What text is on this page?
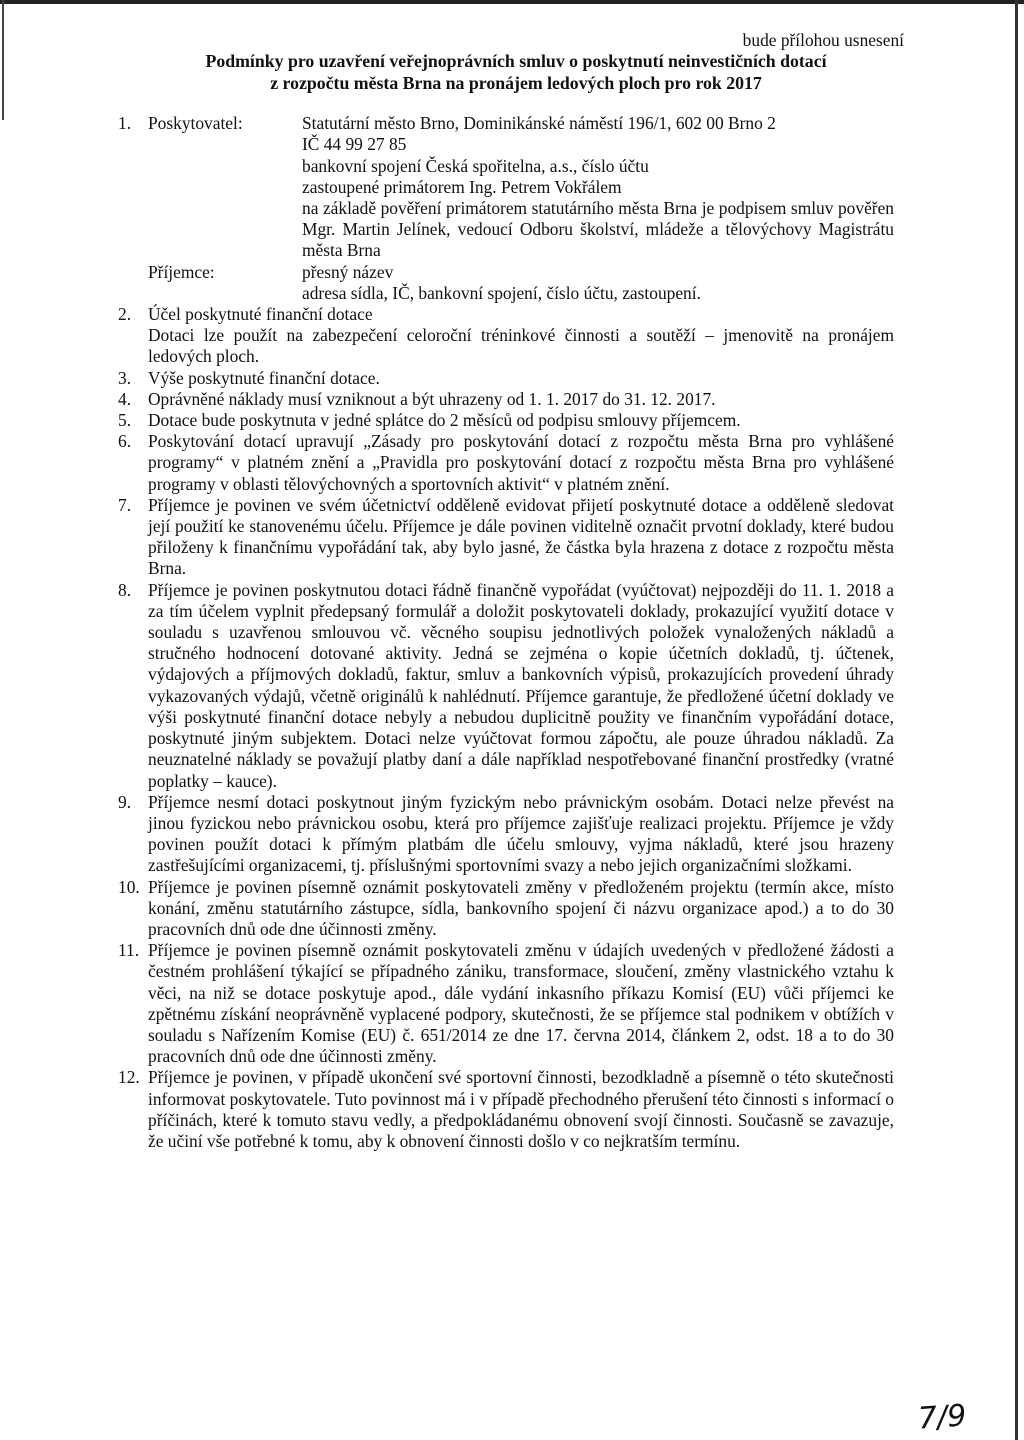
bude přílohou usnesení
Podmínky pro uzavření veřejnoprávních smluv o poskytnutí neinvestičních dotací
z rozpočtu města Brna na pronájem ledových ploch pro rok 2017
1. Poskytovatel:	Statutární město Brno, Dominikánské náměstí 196/1, 602 00 Brno 2
IČ 44 99 27 85
bankovní spojení Česká spořitelna, a.s., číslo účtu
zastoupené primátorem Ing. Petrem Vokřálem
na základě pověření primátorem statutárního města Brna je podpisem smluv pověřen Mgr. Martin Jelínek, vedoucí Odboru školství, mládeže a tělovýchovy Magistrátu města Brna
Příjemce:	přesný název
adresa sídla, IČ, bankovní spojení, číslo účtu, zastoupení.
2. Účel poskytnuté finanční dotace
Dotaci lze použít na zabezpečení celoroční tréninkové činnosti a soutěží – jmenovitě na pronájem ledových ploch.
3. Výše poskytnuté finanční dotace.
4. Oprávněné náklady musí vzniknout a být uhrazeny od 1. 1. 2017 do 31. 12. 2017.
5. Dotace bude poskytnuta v jedné splátce do 2 měsíců od podpisu smlouvy příjemcem.
6. Poskytování dotací upravují „Zásady pro poskytování dotací z rozpočtu města Brna pro vyhlášené programy“ v platném znění a „Pravidla pro poskytování dotací z rozpočtu města Brna pro vyhlášené programy v oblasti tělovýchovných a sportovních aktivit“ v platném znění.
7. Příjemce je povinen ve svém účetnictví odděleně evidovat přijetí poskytnuté dotace a odděleně sledovat její použití ke stanovenému účelu. Příjemce je dále povinen viditelně označit prvotní doklady, které budou přiloženy k finančnímu vypořádání tak, aby bylo jasné, že částka byla hrazena z dotace z rozpočtu města Brna.
8. Příjemce je povinen poskytnutou dotaci řádně finančně vypořádat (vyúčtovat) nejpozději do 11. 1. 2018 a za tím účelem vyplnit předepsaný formulář a doložit poskytovateli doklady, prokazující využití dotace v souladu s uzavřenou smlouvou vč. věcného soupisu jednotlivých položek vynaložených nákladů a stručného hodnocení dotované aktivity. Jedná se zejména o kopie účetních dokladů, tj. účtenek, výdajových a příjmových dokladů, faktur, smluv a bankovních výpisů, prokazujících provedení úhrady vykazovaných výdajů, včetně originálů k nahlédnutí. Příjemce garantuje, že předložené účetní doklady ve výši poskytnuté finanční dotace nebyly a nebudou duplicitně použity ve finančním vypořádání dotace, poskytnuté jiným subjektem. Dotaci nelze vyúčtovat formou zápočtu, ale pouze úhradou nákladů. Za neuznatelné náklady se považují platby daní a dále například nespotřebované finanční prostředky (vratné poplatky – kauce).
9. Příjemce nesmí dotaci poskytnout jiným fyzickým nebo právnickým osobám. Dotaci nelze převést na jinou fyzickou nebo právnickou osobu, která pro příjemce zajišťuje realizaci projektu. Příjemce je vždy povinen použít dotaci k přímým platbám dle účelu smlouvy, vyjma nákladů, které jsou hrazeny zastřešujícími organizacemi, tj. příslušnými sportovními svazy a nebo jejich organizačními složkami.
10. Příjemce je povinen písemně oznámit poskytovateli změny v předloženém projektu (termín akce, místo konání, změnu statutárního zástupce, sídla, bankovního spojení či názvu organizace apod.) a to do 30 pracovních dnů ode dne účinnosti změny.
11. Příjemce je povinen písemně oznámit poskytovateli změnu v údajích uvedených v předložené žádosti a čestném prohlášení týkající se případného zániku, transformace, sloučení, změny vlastnického vztahu k věci, na niž se dotace poskytuje apod., dále vydání inkasního příkazu Komisí (EU) vůči příjemci ke zpětnému získání neoprávněně vyplacené podpory, skutečnosti, že se příjemce stal podnikem v obtížích v souladu s Nařízením Komise (EU) č. 651/2014 ze dne 17. června 2014, článkem 2, odst. 18 a to do 30 pracovních dnů ode dne účinnosti změny.
12. Příjemce je povinen, v případě ukončení své sportovní činnosti, bezodkladně a písemně o této skutečnosti informovat poskytovatele. Tuto povinnost má i v případě přechodného přerušení této činnosti s informací o příčinách, které k tomuto stavu vedly, a předpokládanému obnovení svojí činnosti. Současně se zavazuje, že učiní vše potřebné k tomu, aby k obnovení činnosti došlo v co nejkratším termínu.
7/9
